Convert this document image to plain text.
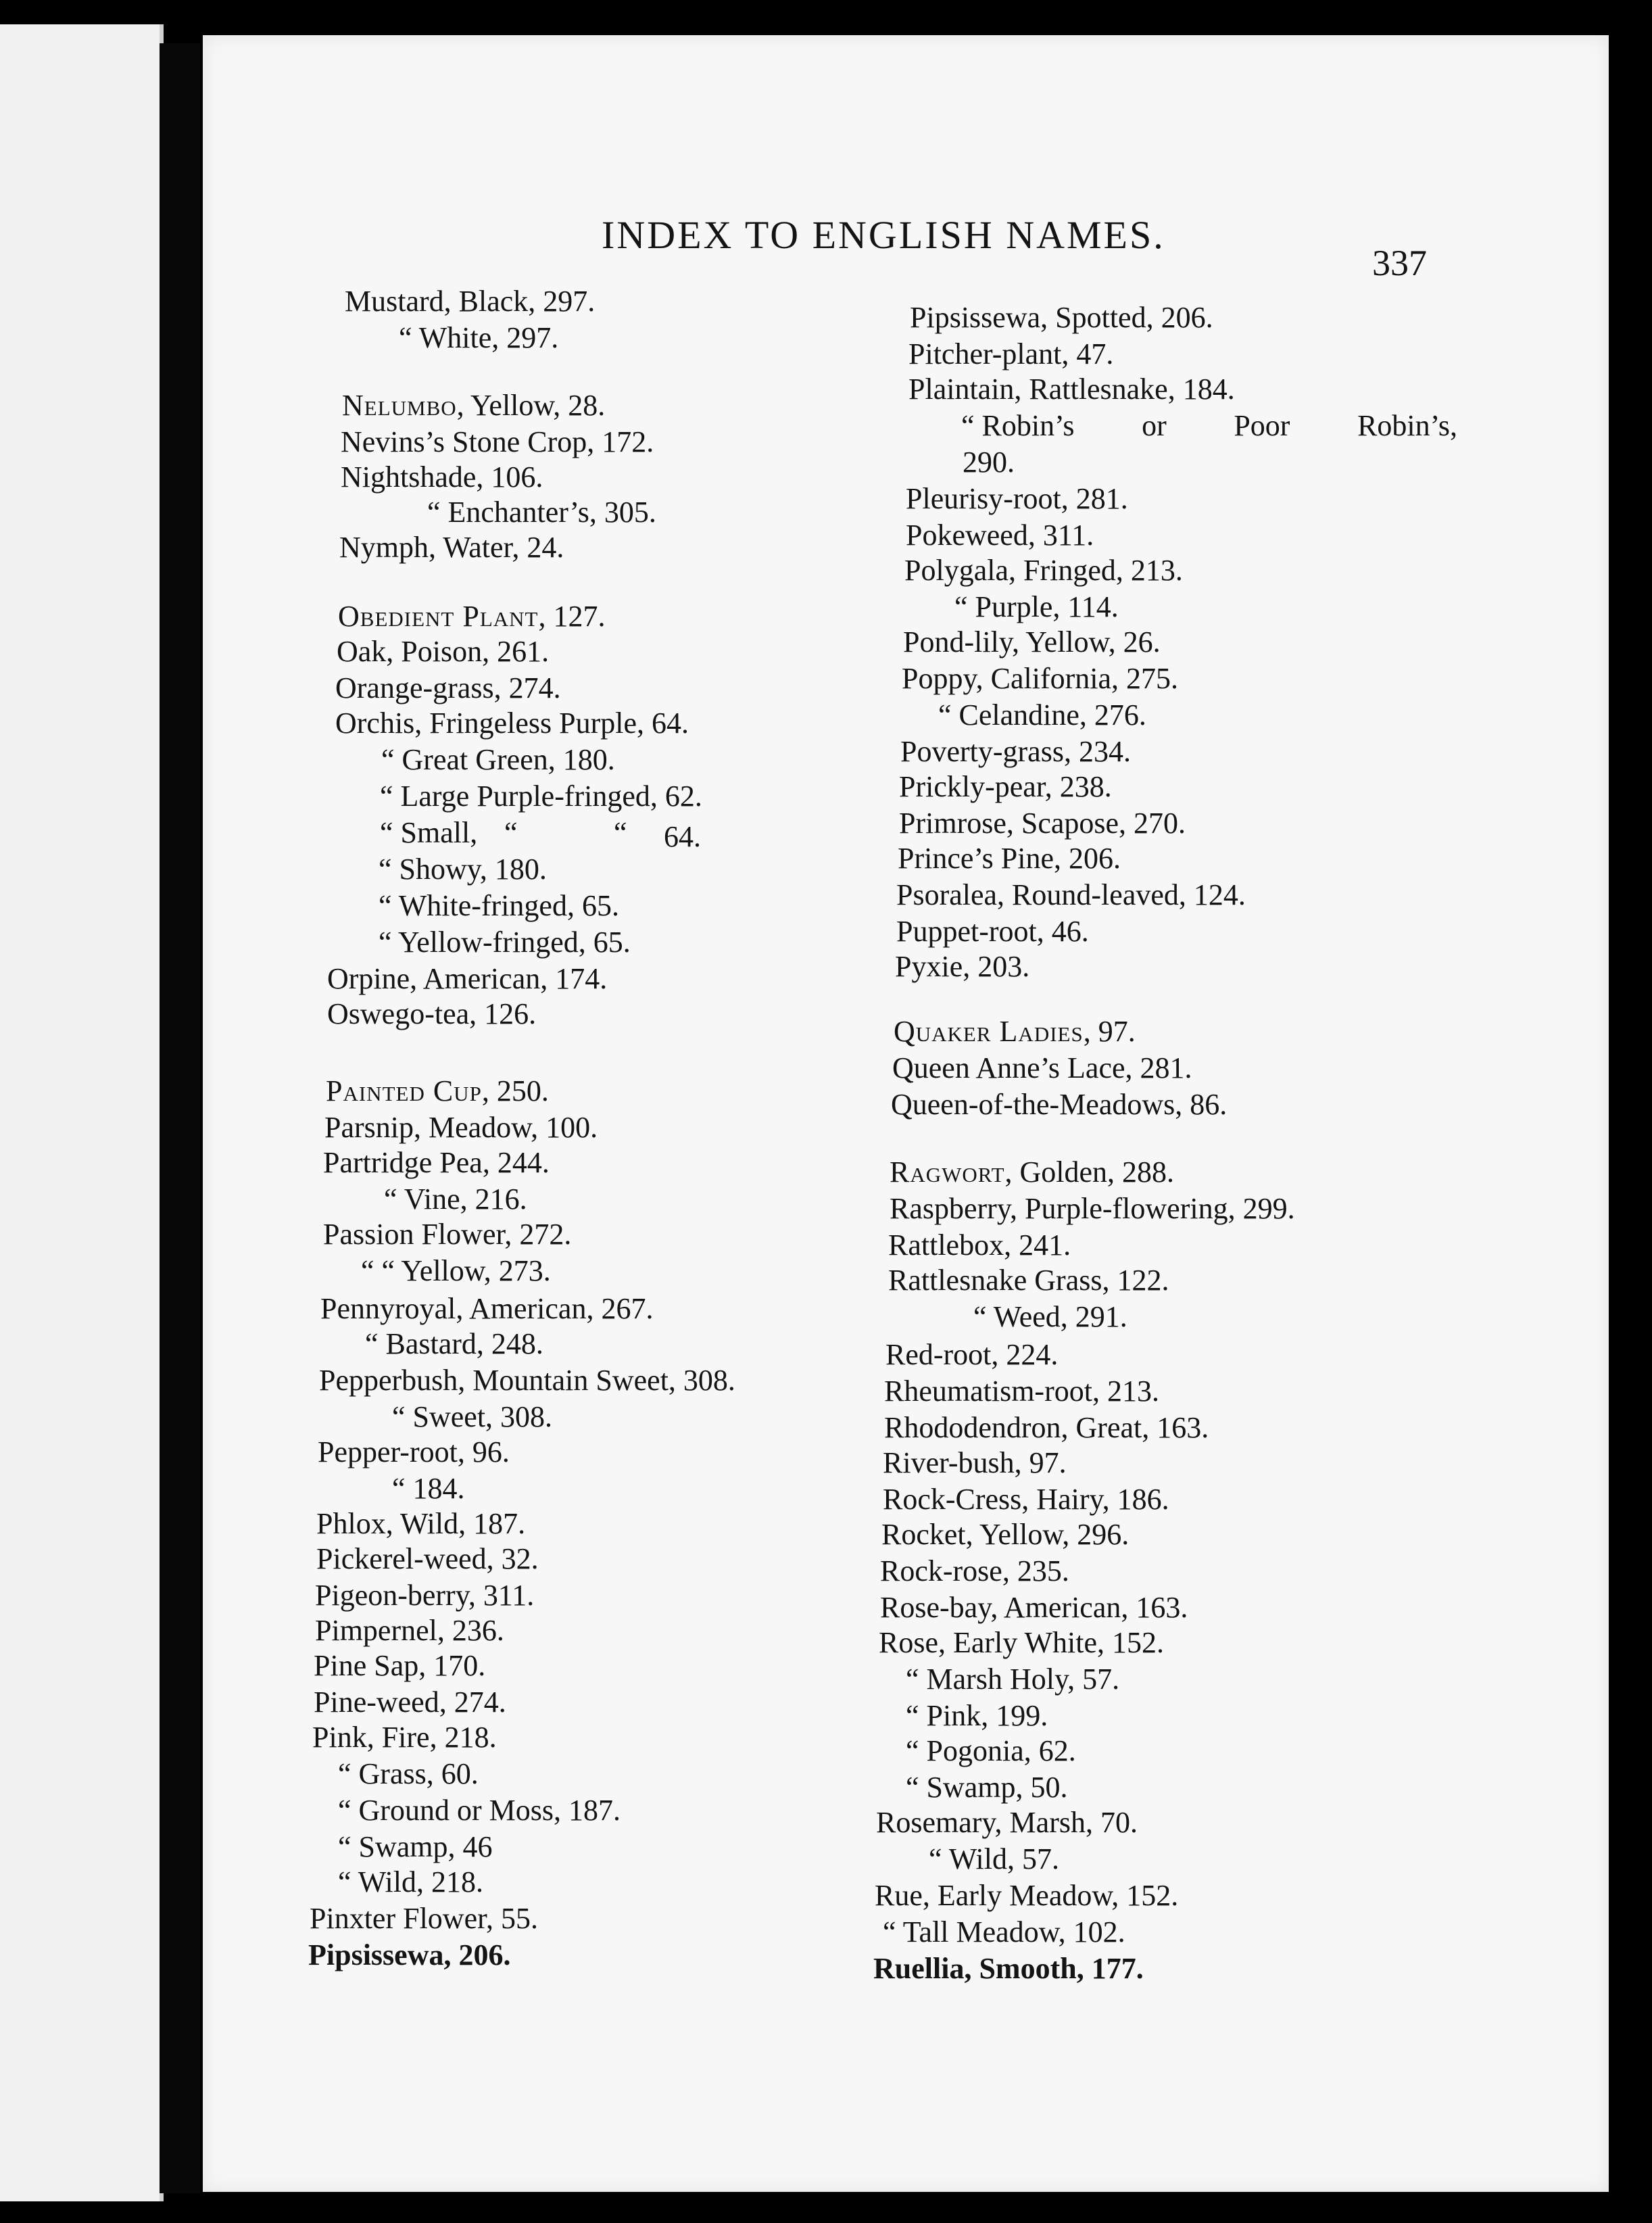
INDEX TO ENGLISH NAMES.
337
Mustard, Black, 297.
“ White, 297.
Nelumbo, Yellow, 28.
Nevins’s Stone Crop, 172.
Nightshade, 106.
“ Enchanter’s, 305.
Nymph, Water, 24.
Obedient Plant, 127.
Oak, Poison, 261.
Orange-grass, 274.
Orchis, Fringeless Purple, 64.
“ Great Green, 180.
“ Large Purple-fringed, 62.
“ Small, “	“ 64.
“ Showy, 180.
“ White-fringed, 65.
“ Yellow-fringed, 65.
Orpine, American, 174.
Oswego-tea, 126.
Painted Cup, 250.
Parsnip, Meadow, 100.
Partridge Pea, 244.
“ Vine, 216.
Passion Flower, 272.
“ “ Yellow, 273.
Pennyroyal, American, 267.
“ Bastard, 248.
Pepperbush, Mountain Sweet, 308.
“ Sweet, 308.
Pepper-root, 96.
“ 184.
Phlox, Wild, 187.
Pickerel-weed, 32.
Pigeon-berry, 311.
Pimpernel, 236.
Pine Sap, 170.
Pine-weed, 274.
Pink, Fire, 218.
“ Grass, 60.
“ Ground or Moss, 187.
“ Swamp, 46
“ Wild, 218.
Pinxter Flower, 55.
Pipsissewa, 206.
Pipsissewa, Spotted, 206.
Pitcher-plant, 47.
Plaintain, Rattlesnake, 184.
“ Robin’s or Poor Robin’s,
290.
Pleurisy-root, 281.
Pokeweed, 311.
Polygala, Fringed, 213.
“ Purple, 114.
Pond-lily, Yellow, 26.
Poppy, California, 275.
“ Celandine, 276.
Poverty-grass, 234.
Prickly-pear, 238.
Primrose, Scapose, 270.
Prince’s Pine, 206.
Psoralea, Round-leaved, 124.
Puppet-root, 46.
Pyxie, 203.
Quaker Ladies, 97.
Queen Anne’s Lace, 281.
Queen-of-the-Meadows, 86.
Ragwort, Golden, 288.
Raspberry, Purple-flowering, 299.
Rattlebox, 241.
Rattlesnake Grass, 122.
“ Weed, 291.
Red-root, 224.
Rheumatism-root, 213.
Rhododendron, Great, 163.
River-bush, 97.
Rock-Cress, Hairy, 186.
Rocket, Yellow, 296.
Rock-rose, 235.
Rose-bay, American, 163.
Rose, Early White, 152.
“ Marsh Holy, 57.
“ Pink, 199.
“ Pogonia, 62.
“ Swamp, 50.
Rosemary, Marsh, 70.
“ Wild, 57.
Rue, Early Meadow, 152.
“ Tall Meadow, 102.
Ruellia, Smooth, 177.
